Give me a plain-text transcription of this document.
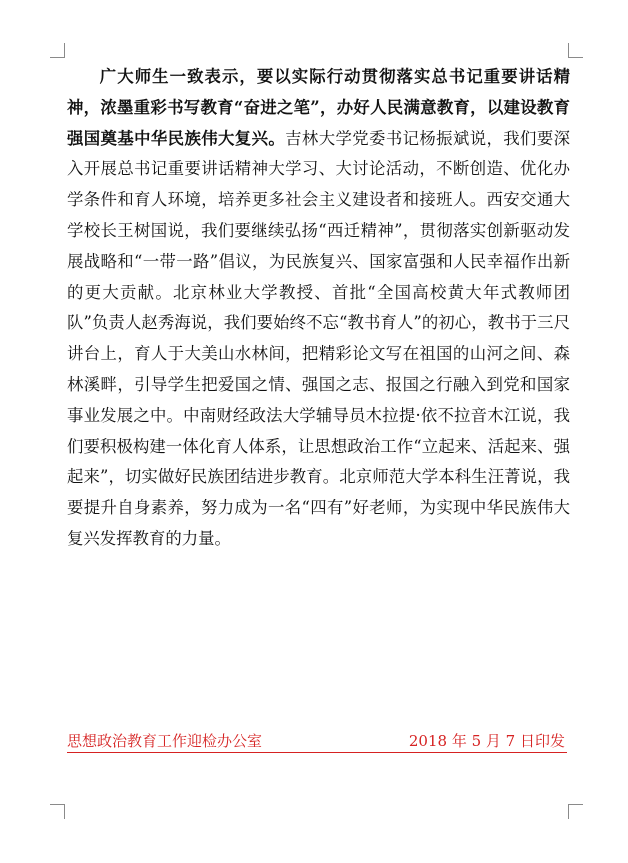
广大师生一致表示，要以实际行动贯彻落实总书记重要讲话精神，浓墨重彩书写教育“奋进之笔”，办好人民满意教育，以建设教育强国奠基中华民族伟大复兴。吉林大学党委书记杨振斌说，我们要深入开展总书记重要讲话精神大学习、大讨论活动，不断创造、优化办学条件和育人环境，培养更多社会主义建设者和接班人。西安交通大学校长王树国说，我们要继续弘扬“西迁精神”，贯彻落实创新驱动发展战略和“一带一路”倡议，为民族复兴、国家富强和人民幸福作出新的更大贡献。北京林业大学教授、首批“全国高校黄大年式教师团队”负责人赵秀海说，我们要始终不忘“教书育人”的初心，教书于三尺讲台上，育人于大美山水林间，把精彩论文写在祖国的山河之间、森林溪畔，引导学生把爱国之情、强国之志、报国之行融入到党和国家事业发展之中。中南财经政法大学辅导员木拉提·依不拉音木江说，我们要积极构建一体化育人体系，让思想政治工作“立起来、活起来、强起来”，切实做好民族团结进步教育。北京师范大学本科生汪菁说，我要提升自身素养，努力成为一名“四有”好老师，为实现中华民族伟大复兴发挥教育的力量。

思想政治教育工作迎检办公室	2018 年 5 月 7 日印发
